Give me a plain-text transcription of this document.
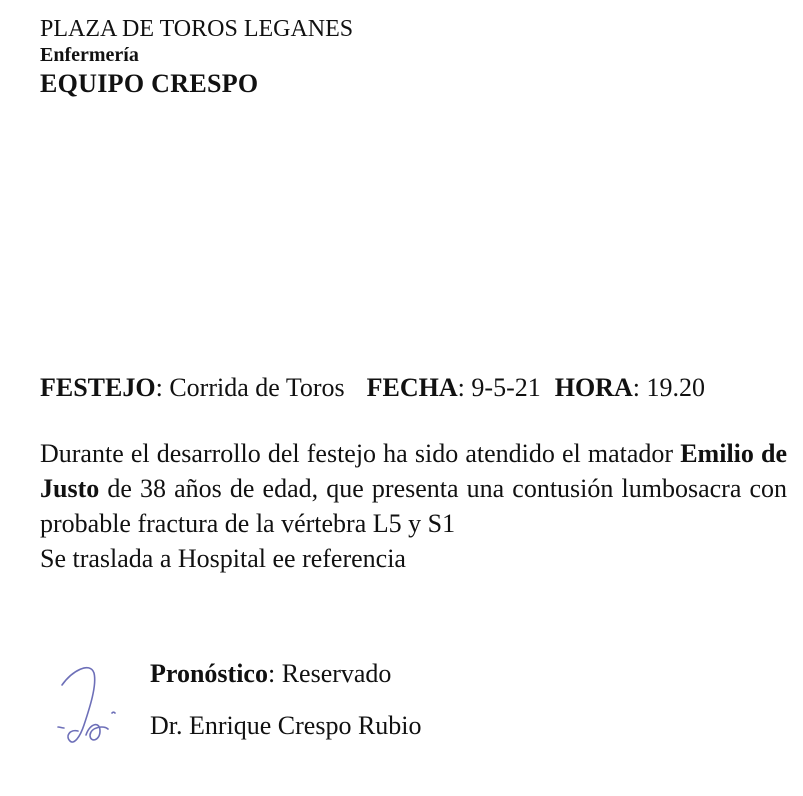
PLAZA DE TOROS LEGANES
Enfermería
EQUIPO CRESPO
FESTEJO: Corrida de Toros FECHA: 9-5-21 HORA: 19.20
Durante el desarrollo del festejo ha sido atendido el matador Emilio de Justo de 38 años de edad, que presenta una contusión lumbosacra con probable fractura de la vértebra L5 y S1
Se traslada a Hospital ee referencia
Pronóstico: Reservado
Dr. Enrique Crespo Rubio
